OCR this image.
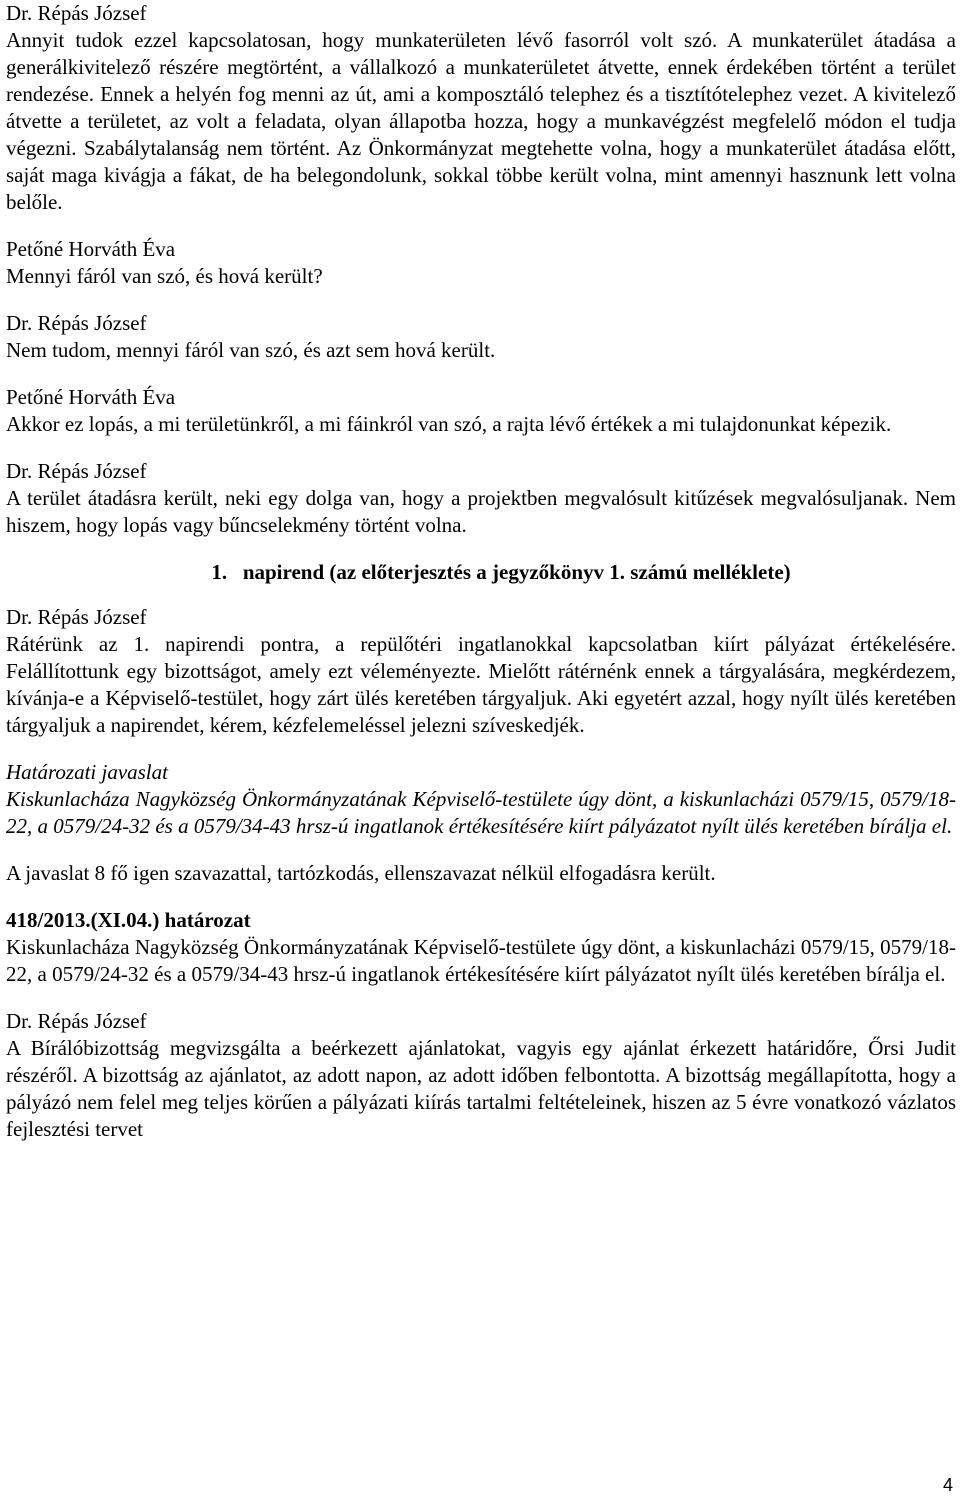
Dr. Répás József

Annyit tudok ezzel kapcsolatosan, hogy munkaterületen lévő fasorról volt szó. A munkaterület átadása a generálkivitelező részére megtörtént, a vállalkozó a munkaterületet átvette, ennek érdekében történt a terület rendezése. Ennek a helyén fog menni az út, ami a komposztáló telephez és a tisztítótelephez vezet. A kivitelező átvette a területet, az volt a feladata, olyan állapotba hozza, hogy a munkavégzést megfelelő módon el tudja végezni. Szabálytalanság nem történt. Az Önkormányzat megtehette volna, hogy a munkaterület átadása előtt, saját maga kivágja a fákat, de ha belegondolunk, sokkal többe került volna, mint amennyi hasznunk lett volna belőle.

Petőné Horváth Éva

Mennyi fáról van szó, és hová került?

Dr. Répás József

Nem tudom, mennyi fáról van szó, és azt sem hová került.

Petőné Horváth Éva

Akkor ez lopás, a mi területünkről, a mi fáinkról van szó, a rajta lévő értékek a mi tulajdonunkat képezik.

Dr. Répás József

A terület átadásra került, neki egy dolga van, hogy a projektben megvalósult kitűzések megvalósuljanak. Nem hiszem, hogy lopás vagy bűncselekmény történt volna.

1.   napirend (az előterjesztés a jegyzőkönyv 1. számú melléklete)
Dr. Répás József

Rátérünk az 1. napirendi pontra, a repülőtéri ingatlanokkal kapcsolatban kiírt pályázat értékelésére. Felállítottunk egy bizottságot, amely ezt véleményezte. Mielőtt rátérnénk ennek a tárgyalására, megkérdezem, kívánja-e a Képviselő-testület, hogy zárt ülés keretében tárgyaljuk. Aki egyetért azzal, hogy nyílt ülés keretében tárgyaljuk a napirendet, kérem, kézfelemeléssel jelezni szíveskedjék.

Határozati javaslat

Kiskunlacháza Nagyközség Önkormányzatának Képviselő-testülete úgy dönt, a kiskunlacházi 0579/15, 0579/18-22, a 0579/24-32 és a 0579/34-43 hrsz-ú ingatlanok értékesítésére kiírt pályázatot nyílt ülés keretében bírálja el.

A javaslat 8 fő igen szavazattal, tartózkodás, ellenszavazat nélkül elfogadásra került.

418/2013.(XI.04.) határozat

Kiskunlacháza Nagyközség Önkormányzatának Képviselő-testülete úgy dönt, a kiskunlacházi 0579/15, 0579/18-22, a 0579/24-32 és a 0579/34-43 hrsz-ú ingatlanok értékesítésére kiírt pályázatot nyílt ülés keretében bírálja el.

Dr. Répás József

A Bírálóbizottság megvizsgálta a beérkezett ajánlatokat, vagyis egy ajánlat érkezett határidőre, Őrsi Judit részéről. A bizottság az ajánlatot, az adott napon, az adott időben felbontotta. A bizottság megállapította, hogy a pályázó nem felel meg teljes körűen a pályázati kiírás tartalmi feltételeinek, hiszen az 5 évre vonatkozó vázlatos fejlesztési tervet

4
